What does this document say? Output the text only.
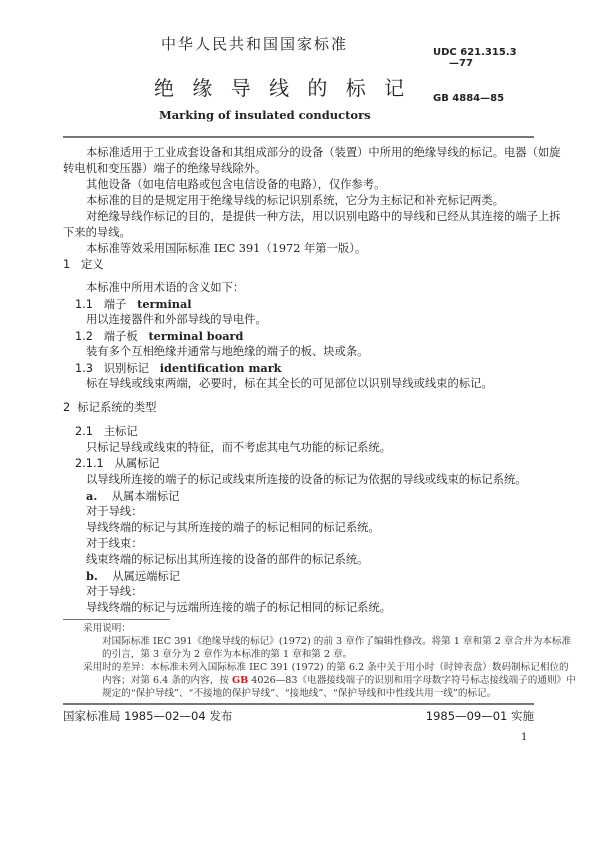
中华人民共和国国家标准	UDC 621.315.3
—77
绝 缘 导 线 的 标 记 GB 4884—85
Marking of insulated conductors
本标准适用于工业成套设备和其组成部分的设备（装置）中所用的绝缘导线的标记。电器（如旋
转电机和变压器）端子的绝缘导线除外。
其他设备（如电信电路或包含电信设备的电路），仅作参考。
本标准的目的是规定用于绝缘导线的标记识别系统，它分为主标记和补充标记两类。
对绝缘导线作标记的目的，是提供一种方法，用以识别电路中的导线和已经从其连接的端子上拆
下来的导线。
本标准等效采用国际标准 IEC 391（1972 年第一版）。
1 定义
本标准中所用术语的含义如下：
1.1 端子 terminal
用以连接器件和外部导线的导电件。
1.2 端子板 terminal board
装有多个互相绝缘并通常与地绝缘的端子的板、块或条。
1.3 识别标记 identification mark
标在导线或线束两端，必要时，标在其全长的可见部位以识别导线或线束的标记。
2 标记系统的类型
2.1 主标记
只标记导线或线束的特征，而不考虑其电气功能的标记系统。
2.1.1 从属标记
以导线所连接的端子的标记或线束所连接的设备的标记为依据的导线或线束的标记系统。
a. 从属本端标记
对于导线：
导线终端的标记与其所连接的端子的标记相同的标记系统。
对于线束：
线束终端的标记标出其所连接的设备的部件的标记系统。
b. 从属远端标记
对于导线：
导线终端的标记与远端所连接的端子的标记相同的标记系统。
采用说明：
对国际标准 IEC 391《绝缘导线的标记》(1972) 的前 3 章作了编辑性修改。将第 1 章和第 2 章合并为本标准
的引言，第 3 章分为 2 章作为本标准的第 1 章和第 2 章。
采用时的差异：本标准未列入国际标准 IEC 391 (1972) 的第 6.2 条中关于用小时（时钟表盘）数码制标记相位的
内容；对第 6.4 条的内容，按 GB 4026—83《电器接线端子的识别和用字母数字符号标志接线端子的通则》中
规定的“保护导线”、“不接地的保护导线”、“接地线”、“保护导线和中性线共用一线”的标记。
国家标准局 1985—02—04 发布	1985—09—01 实施
1
